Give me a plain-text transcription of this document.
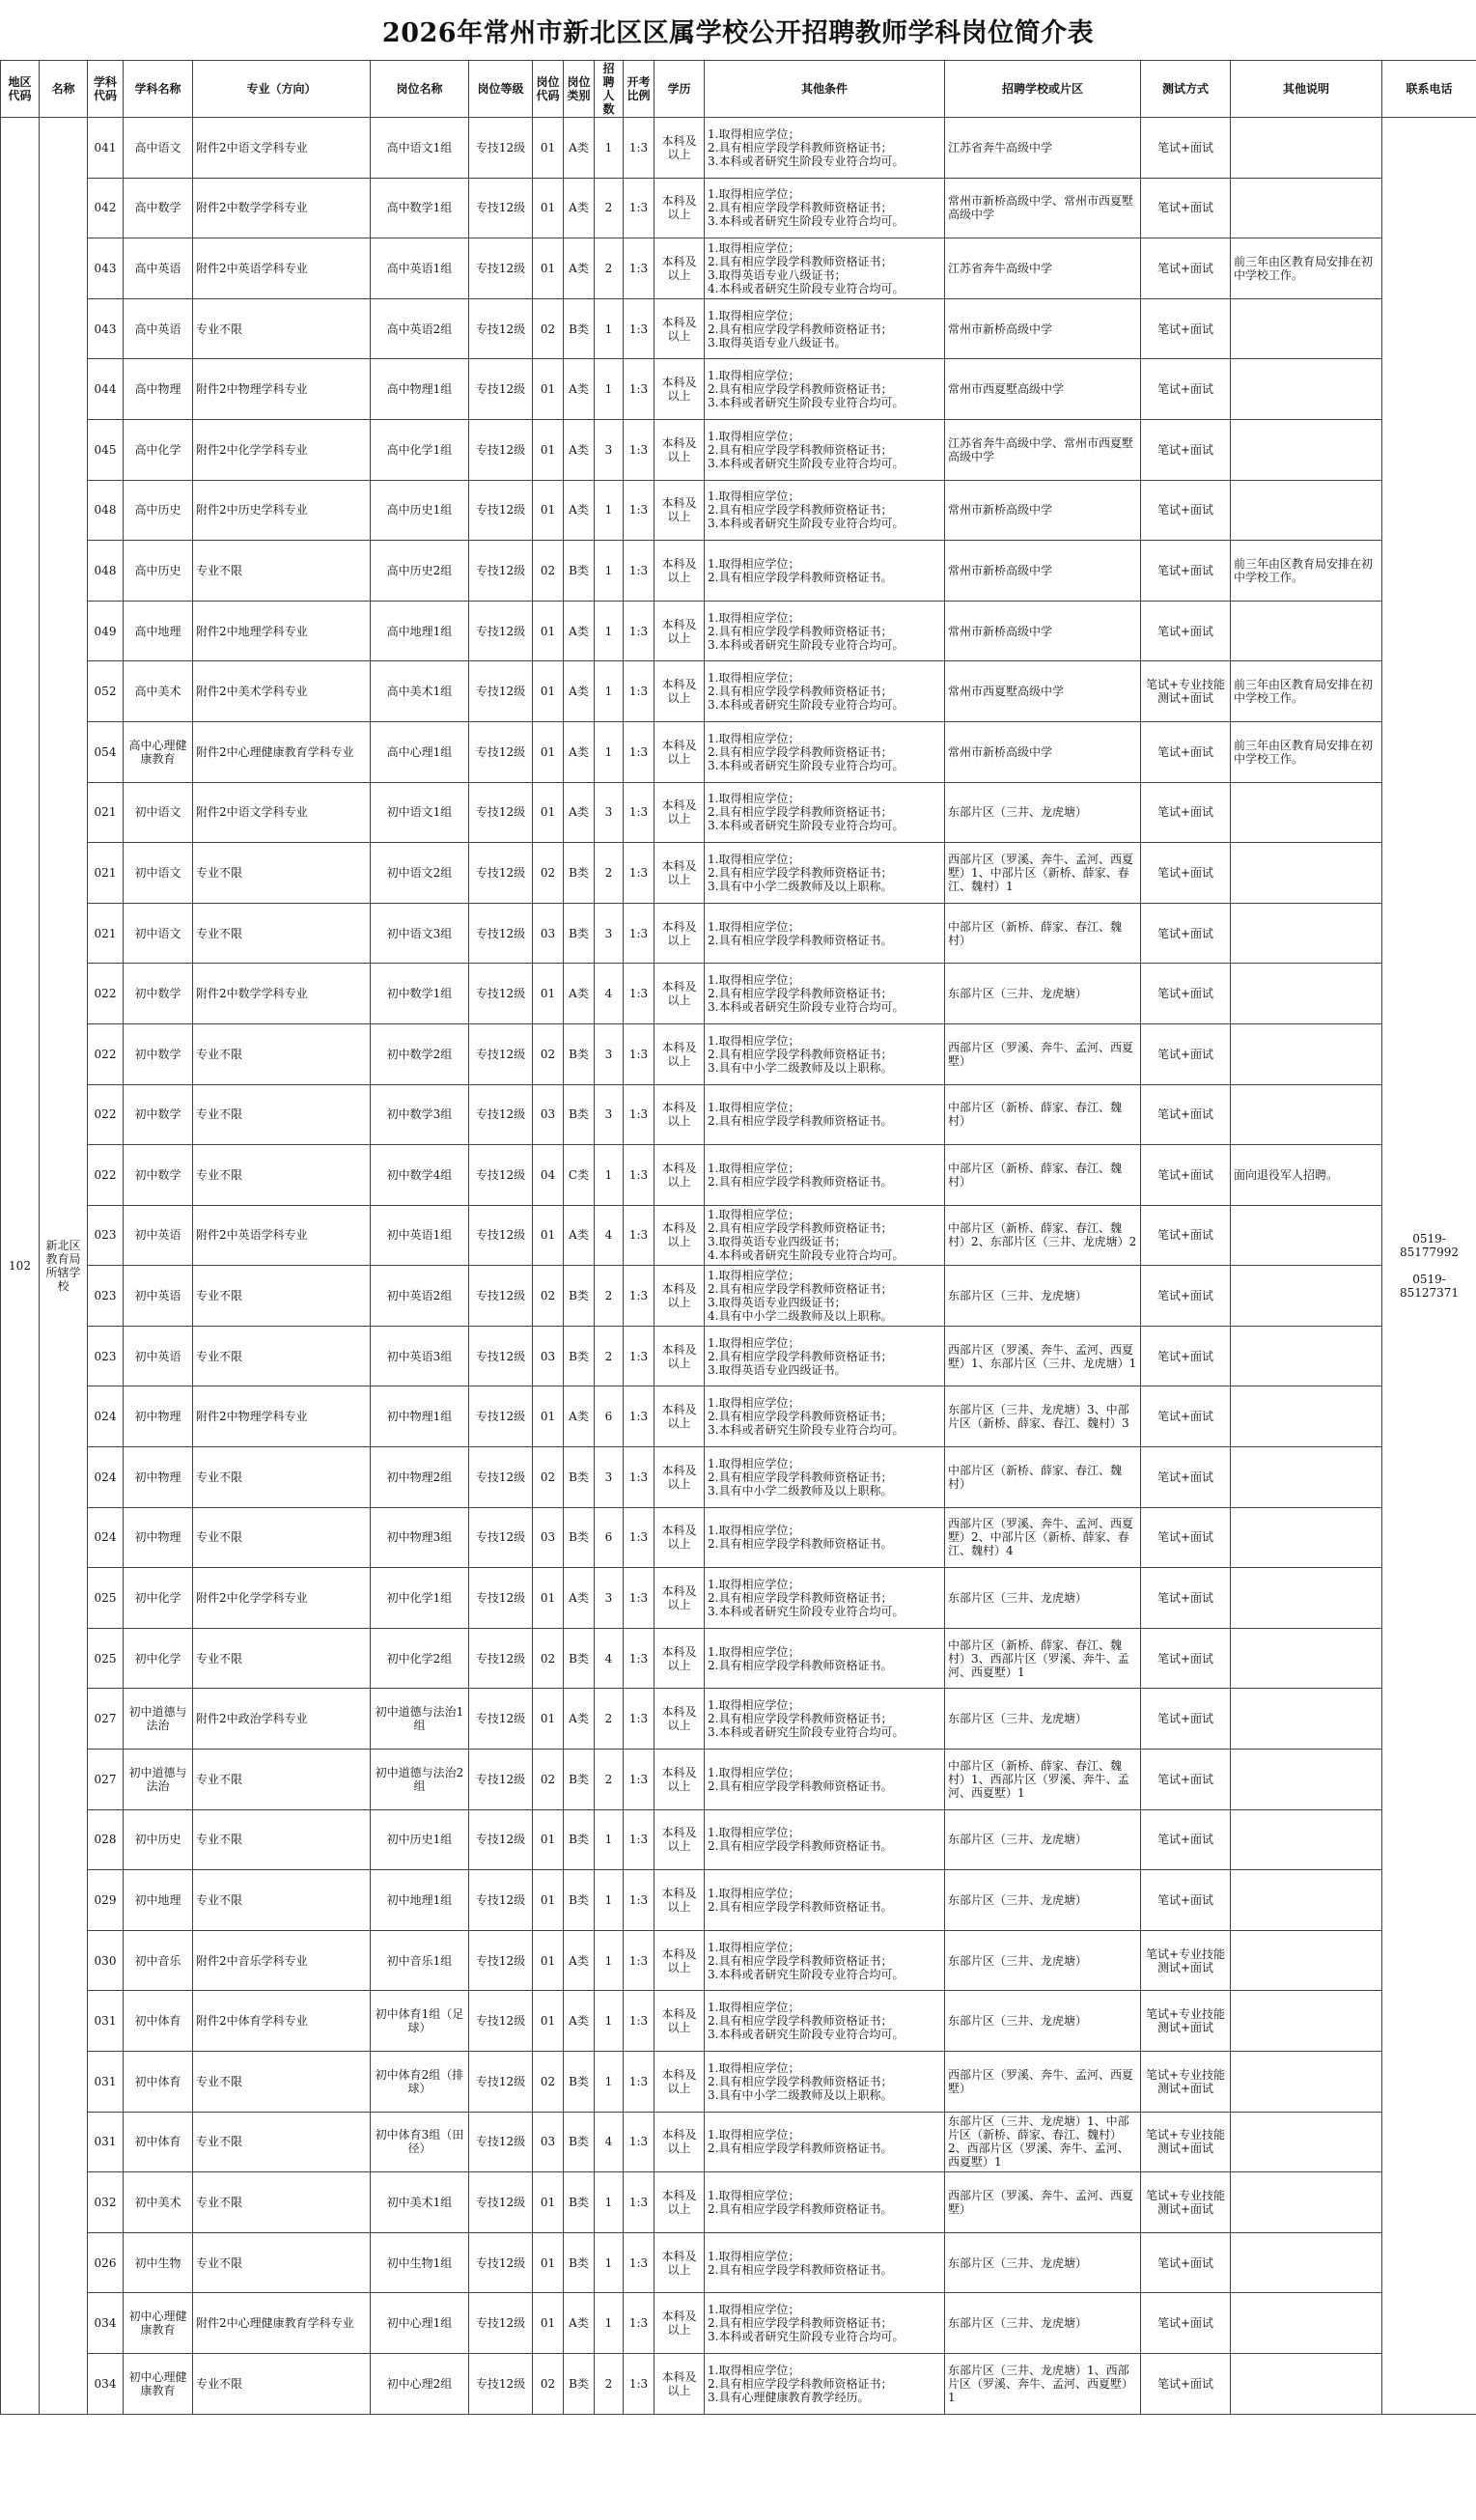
2026年常州市新北区区属学校公开招聘教师学科岗位简介表
地区代码	名称	学科代码	学科名称	专业（方向）	岗位名称	岗位等级	岗位代码	岗位类别	招聘人数	开考比例	学历	其他条件	招聘学校或片区	测试方式	其他说明	联系电话
102	新北区教育局所辖学校	041	高中语文	附件2中语文学科专业	高中语文1组	专技12级	01	A类	1	1:3	本科及以上	1.取得相应学位；
2.具有相应学段学科教师资格证书；
3.本科或者研究生阶段专业符合均可。	江苏省奔牛高级中学	笔试+面试		0519-85177992

0519-85127371
		042	高中数学	附件2中数学学科专业	高中数学1组	专技12级	01	A类	2	1:3	本科及以上	1.取得相应学位；
2.具有相应学段学科教师资格证书；
3.本科或者研究生阶段专业符合均可。	常州市新桥高级中学、常州市西夏墅高级中学	笔试+面试		
		043	高中英语	附件2中英语学科专业	高中英语1组	专技12级	01	A类	2	1:3	本科及以上	1.取得相应学位；
2.具有相应学段学科教师资格证书；
3.取得英语专业八级证书；
4.本科或者研究生阶段专业符合均可。	江苏省奔牛高级中学	笔试+面试	前三年由区教育局安排在初中学校工作。	
		043	高中英语	专业不限	高中英语2组	专技12级	02	B类	1	1:3	本科及以上	1.取得相应学位；
2.具有相应学段学科教师资格证书；
3.取得英语专业八级证书。	常州市新桥高级中学	笔试+面试		
		044	高中物理	附件2中物理学科专业	高中物理1组	专技12级	01	A类	1	1:3	本科及以上	1.取得相应学位；
2.具有相应学段学科教师资格证书；
3.本科或者研究生阶段专业符合均可。	常州市西夏墅高级中学	笔试+面试		
		045	高中化学	附件2中化学学科专业	高中化学1组	专技12级	01	A类	3	1:3	本科及以上	1.取得相应学位；
2.具有相应学段学科教师资格证书；
3.本科或者研究生阶段专业符合均可。	江苏省奔牛高级中学、常州市西夏墅高级中学	笔试+面试		
		048	高中历史	附件2中历史学科专业	高中历史1组	专技12级	01	A类	1	1:3	本科及以上	1.取得相应学位；
2.具有相应学段学科教师资格证书；
3.本科或者研究生阶段专业符合均可。	常州市新桥高级中学	笔试+面试		
		048	高中历史	专业不限	高中历史2组	专技12级	02	B类	1	1:3	本科及以上	1.取得相应学位；
2.具有相应学段学科教师资格证书。	常州市新桥高级中学	笔试+面试	前三年由区教育局安排在初中学校工作。	
		049	高中地理	附件2中地理学科专业	高中地理1组	专技12级	01	A类	1	1:3	本科及以上	1.取得相应学位；
2.具有相应学段学科教师资格证书；
3.本科或者研究生阶段专业符合均可。	常州市新桥高级中学	笔试+面试		
		052	高中美术	附件2中美术学科专业	高中美术1组	专技12级	01	A类	1	1:3	本科及以上	1.取得相应学位；
2.具有相应学段学科教师资格证书；
3.本科或者研究生阶段专业符合均可。	常州市西夏墅高级中学	笔试+专业技能测试+面试	前三年由区教育局安排在初中学校工作。	
		054	高中心理健康教育	附件2中心理健康教育学科专业	高中心理1组	专技12级	01	A类	1	1:3	本科及以上	1.取得相应学位；
2.具有相应学段学科教师资格证书；
3.本科或者研究生阶段专业符合均可。	常州市新桥高级中学	笔试+面试	前三年由区教育局安排在初中学校工作。	
		021	初中语文	附件2中语文学科专业	初中语文1组	专技12级	01	A类	3	1:3	本科及以上	1.取得相应学位；
2.具有相应学段学科教师资格证书；
3.本科或者研究生阶段专业符合均可。	东部片区（三井、龙虎塘）	笔试+面试		
		021	初中语文	专业不限	初中语文2组	专技12级	02	B类	2	1:3	本科及以上	1.取得相应学位；
2.具有相应学段学科教师资格证书；
3.具有中小学二级教师及以上职称。	西部片区（罗溪、奔牛、孟河、西夏墅）1、中部片区（新桥、薛家、春江、魏村）1	笔试+面试		
		021	初中语文	专业不限	初中语文3组	专技12级	03	B类	3	1:3	本科及以上	1.取得相应学位；
2.具有相应学段学科教师资格证书。	中部片区（新桥、薛家、春江、魏村）	笔试+面试		
		022	初中数学	附件2中数学学科专业	初中数学1组	专技12级	01	A类	4	1:3	本科及以上	1.取得相应学位；
2.具有相应学段学科教师资格证书；
3.本科或者研究生阶段专业符合均可。	东部片区（三井、龙虎塘）	笔试+面试		
		022	初中数学	专业不限	初中数学2组	专技12级	02	B类	3	1:3	本科及以上	1.取得相应学位；
2.具有相应学段学科教师资格证书；
3.具有中小学二级教师及以上职称。	西部片区（罗溪、奔牛、孟河、西夏墅）	笔试+面试		
		022	初中数学	专业不限	初中数学3组	专技12级	03	B类	3	1:3	本科及以上	1.取得相应学位；
2.具有相应学段学科教师资格证书。	中部片区（新桥、薛家、春江、魏村）	笔试+面试		
		022	初中数学	专业不限	初中数学4组	专技12级	04	C类	1	1:3	本科及以上	1.取得相应学位；
2.具有相应学段学科教师资格证书。	中部片区（新桥、薛家、春江、魏村）	笔试+面试	面向退役军人招聘。	
		023	初中英语	附件2中英语学科专业	初中英语1组	专技12级	01	A类	4	1:3	本科及以上	1.取得相应学位；
2.具有相应学段学科教师资格证书；
3.取得英语专业四级证书；
4.本科或者研究生阶段专业符合均可。	中部片区（新桥、薛家、春江、魏村）2、东部片区（三井、龙虎塘）2	笔试+面试		
		023	初中英语	专业不限	初中英语2组	专技12级	02	B类	2	1:3	本科及以上	1.取得相应学位；
2.具有相应学段学科教师资格证书；
3.取得英语专业四级证书；
4.具有中小学二级教师及以上职称。	东部片区（三井、龙虎塘）	笔试+面试		
		023	初中英语	专业不限	初中英语3组	专技12级	03	B类	2	1:3	本科及以上	1.取得相应学位；
2.具有相应学段学科教师资格证书；
3.取得英语专业四级证书。	西部片区（罗溪、奔牛、孟河、西夏墅）1、东部片区（三井、龙虎塘）1	笔试+面试		
		024	初中物理	附件2中物理学科专业	初中物理1组	专技12级	01	A类	6	1:3	本科及以上	1.取得相应学位；
2.具有相应学段学科教师资格证书；
3.本科或者研究生阶段专业符合均可。	东部片区（三井、龙虎塘）3、中部片区（新桥、薛家、春江、魏村）3	笔试+面试		
		024	初中物理	专业不限	初中物理2组	专技12级	02	B类	3	1:3	本科及以上	1.取得相应学位；
2.具有相应学段学科教师资格证书；
3.具有中小学二级教师及以上职称。	中部片区（新桥、薛家、春江、魏村）	笔试+面试		
		024	初中物理	专业不限	初中物理3组	专技12级	03	B类	6	1:3	本科及以上	1.取得相应学位；
2.具有相应学段学科教师资格证书。	西部片区（罗溪、奔牛、孟河、西夏墅）2、中部片区（新桥、薛家、春江、魏村）4	笔试+面试		
		025	初中化学	附件2中化学学科专业	初中化学1组	专技12级	01	A类	3	1:3	本科及以上	1.取得相应学位；
2.具有相应学段学科教师资格证书；
3.本科或者研究生阶段专业符合均可。	东部片区（三井、龙虎塘）	笔试+面试		
		025	初中化学	专业不限	初中化学2组	专技12级	02	B类	4	1:3	本科及以上	1.取得相应学位；
2.具有相应学段学科教师资格证书。	中部片区（新桥、薛家、春江、魏村）3、西部片区（罗溪、奔牛、孟河、西夏墅）1	笔试+面试		
		027	初中道德与法治	附件2中政治学科专业	初中道德与法治1组	专技12级	01	A类	2	1:3	本科及以上	1.取得相应学位；
2.具有相应学段学科教师资格证书；
3.本科或者研究生阶段专业符合均可。	东部片区（三井、龙虎塘）	笔试+面试		
		027	初中道德与法治	专业不限	初中道德与法治2组	专技12级	02	B类	2	1:3	本科及以上	1.取得相应学位；
2.具有相应学段学科教师资格证书。	中部片区（新桥、薛家、春江、魏村）1、西部片区（罗溪、奔牛、孟河、西夏墅）1	笔试+面试		
		028	初中历史	专业不限	初中历史1组	专技12级	01	B类	1	1:3	本科及以上	1.取得相应学位；
2.具有相应学段学科教师资格证书。	东部片区（三井、龙虎塘）	笔试+面试		
		029	初中地理	专业不限	初中地理1组	专技12级	01	B类	1	1:3	本科及以上	1.取得相应学位；
2.具有相应学段学科教师资格证书。	东部片区（三井、龙虎塘）	笔试+面试		
		030	初中音乐	附件2中音乐学科专业	初中音乐1组	专技12级	01	A类	1	1:3	本科及以上	1.取得相应学位；
2.具有相应学段学科教师资格证书；
3.本科或者研究生阶段专业符合均可。	东部片区（三井、龙虎塘）	笔试+专业技能测试+面试		
		031	初中体育	附件2中体育学科专业	初中体育1组（足球）	专技12级	01	A类	1	1:3	本科及以上	1.取得相应学位；
2.具有相应学段学科教师资格证书；
3.本科或者研究生阶段专业符合均可。	东部片区（三井、龙虎塘）	笔试+专业技能测试+面试		
		031	初中体育	专业不限	初中体育2组（排球）	专技12级	02	B类	1	1:3	本科及以上	1.取得相应学位；
2.具有相应学段学科教师资格证书；
3.具有中小学二级教师及以上职称。	西部片区（罗溪、奔牛、孟河、西夏墅）	笔试+专业技能测试+面试		
		031	初中体育	专业不限	初中体育3组（田径）	专技12级	03	B类	4	1:3	本科及以上	1.取得相应学位；
2.具有相应学段学科教师资格证书。	东部片区（三井、龙虎塘）1、中部片区（新桥、薛家、春江、魏村）2、西部片区（罗溪、奔牛、孟河、西夏墅）1	笔试+专业技能测试+面试		
		032	初中美术	专业不限	初中美术1组	专技12级	01	B类	1	1:3	本科及以上	1.取得相应学位；
2.具有相应学段学科教师资格证书。	西部片区（罗溪、奔牛、孟河、西夏墅）	笔试+专业技能测试+面试		
		026	初中生物	专业不限	初中生物1组	专技12级	01	B类	1	1:3	本科及以上	1.取得相应学位；
2.具有相应学段学科教师资格证书。	东部片区（三井、龙虎塘）	笔试+面试		
		034	初中心理健康教育	附件2中心理健康教育学科专业	初中心理1组	专技12级	01	A类	1	1:3	本科及以上	1.取得相应学位；
2.具有相应学段学科教师资格证书；
3.本科或者研究生阶段专业符合均可。	东部片区（三井、龙虎塘）	笔试+面试		
		034	初中心理健康教育	专业不限	初中心理2组	专技12级	02	B类	2	1:3	本科及以上	1.取得相应学位；
2.具有相应学段学科教师资格证书；
3.具有心理健康教育教学经历。	东部片区（三井、龙虎塘）1、西部片区（罗溪、奔牛、孟河、西夏墅）1	笔试+面试		
